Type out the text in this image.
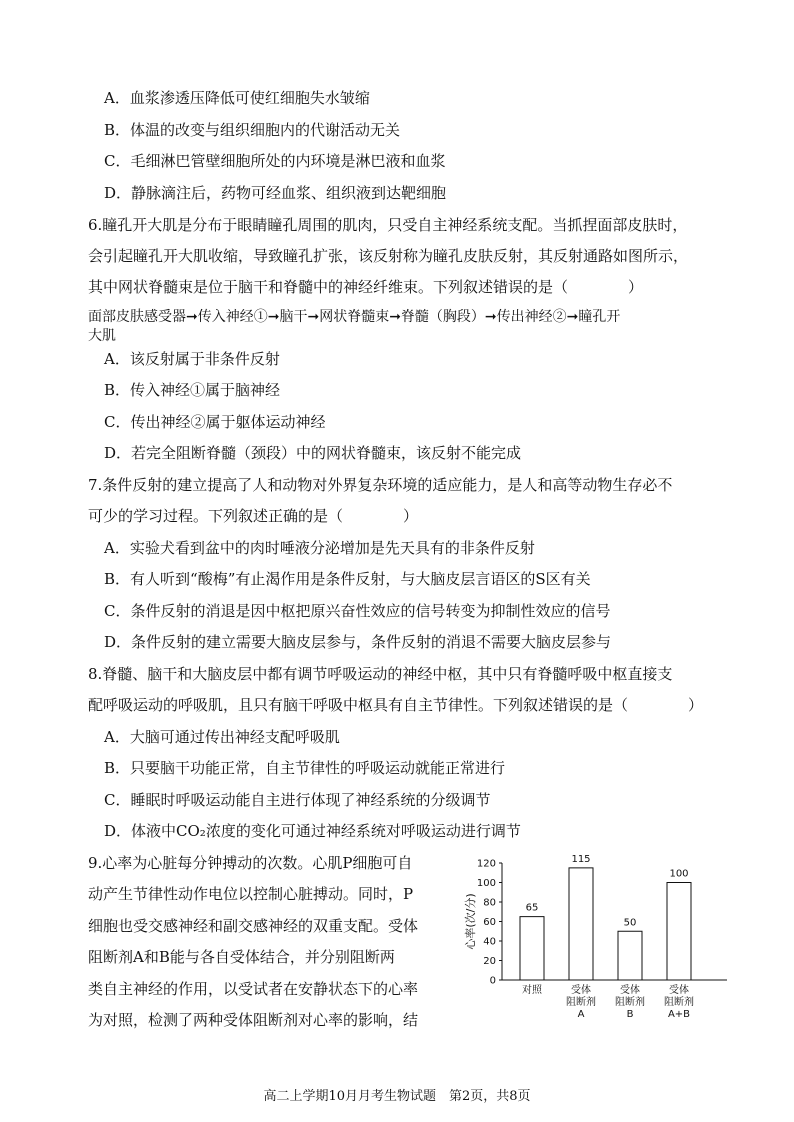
A．血浆渗透压降低可使红细胞失水皱缩
B．体温的改变与组织细胞内的代谢活动无关
C．毛细淋巴管壁细胞所处的内环境是淋巴液和血浆
D．静脉滴注后，药物可经血浆、组织液到达靶细胞
6.瞳孔开大肌是分布于眼睛瞳孔周围的肌肉，只受自主神经系统支配。当抓捏面部皮肤时，
会引起瞳孔开大肌收缩，导致瞳孔扩张，该反射称为瞳孔皮肤反射，其反射通路如图所示，
其中网状脊髓束是位于脑干和脊髓中的神经纤维束。下列叙述错误的是（　　　　）
面部皮肤感受器➞传入神经①➞脑干➞网状脊髓束➞脊髓（胸段）➞传出神经②➞瞳孔开
大肌
A．该反射属于非条件反射
B．传入神经①属于脑神经
C．传出神经②属于躯体运动神经
D．若完全阻断脊髓（颈段）中的网状脊髓束，该反射不能完成
7.条件反射的建立提高了人和动物对外界复杂环境的适应能力，是人和高等动物生存必不
可少的学习过程。下列叙述正确的是（　　　　）
A．实验犬看到盆中的肉时唾液分泌增加是先天具有的非条件反射
B．有人听到“酸梅”有止渴作用是条件反射，与大脑皮层言语区的S区有关
C．条件反射的消退是因中枢把原兴奋性效应的信号转变为抑制性效应的信号
D．条件反射的建立需要大脑皮层参与，条件反射的消退不需要大脑皮层参与
8.脊髓、脑干和大脑皮层中都有调节呼吸运动的神经中枢，其中只有脊髓呼吸中枢直接支
配呼吸运动的呼吸肌，且只有脑干呼吸中枢具有自主节律性。下列叙述错误的是（　　　　）
A．大脑可通过传出神经支配呼吸肌
B．只要脑干功能正常，自主节律性的呼吸运动就能正常进行
C．睡眠时呼吸运动能自主进行体现了神经系统的分级调节
D．体液中CO₂浓度的变化可通过神经系统对呼吸运动进行调节
9.心率为心脏每分钟搏动的次数。心肌P细胞可自
动产生节律性动作电位以控制心脏搏动。同时，P
细胞也受交感神经和副交感神经的双重支配。受体
阻断剂A和B能与各自受体结合，并分别阻断两
类自主神经的作用，以受试者在安静状态下的心率
为对照，检测了两种受体阻断剂对心率的影响，结
0
20
40
60
80
100
120
心率(次/分)	65
对照
115
受体
阻断剂
A
50
受体
阻断剂
B
100
受体
阻断剂
A+B
高二上学期10月月考生物试题　第2页，共8页
